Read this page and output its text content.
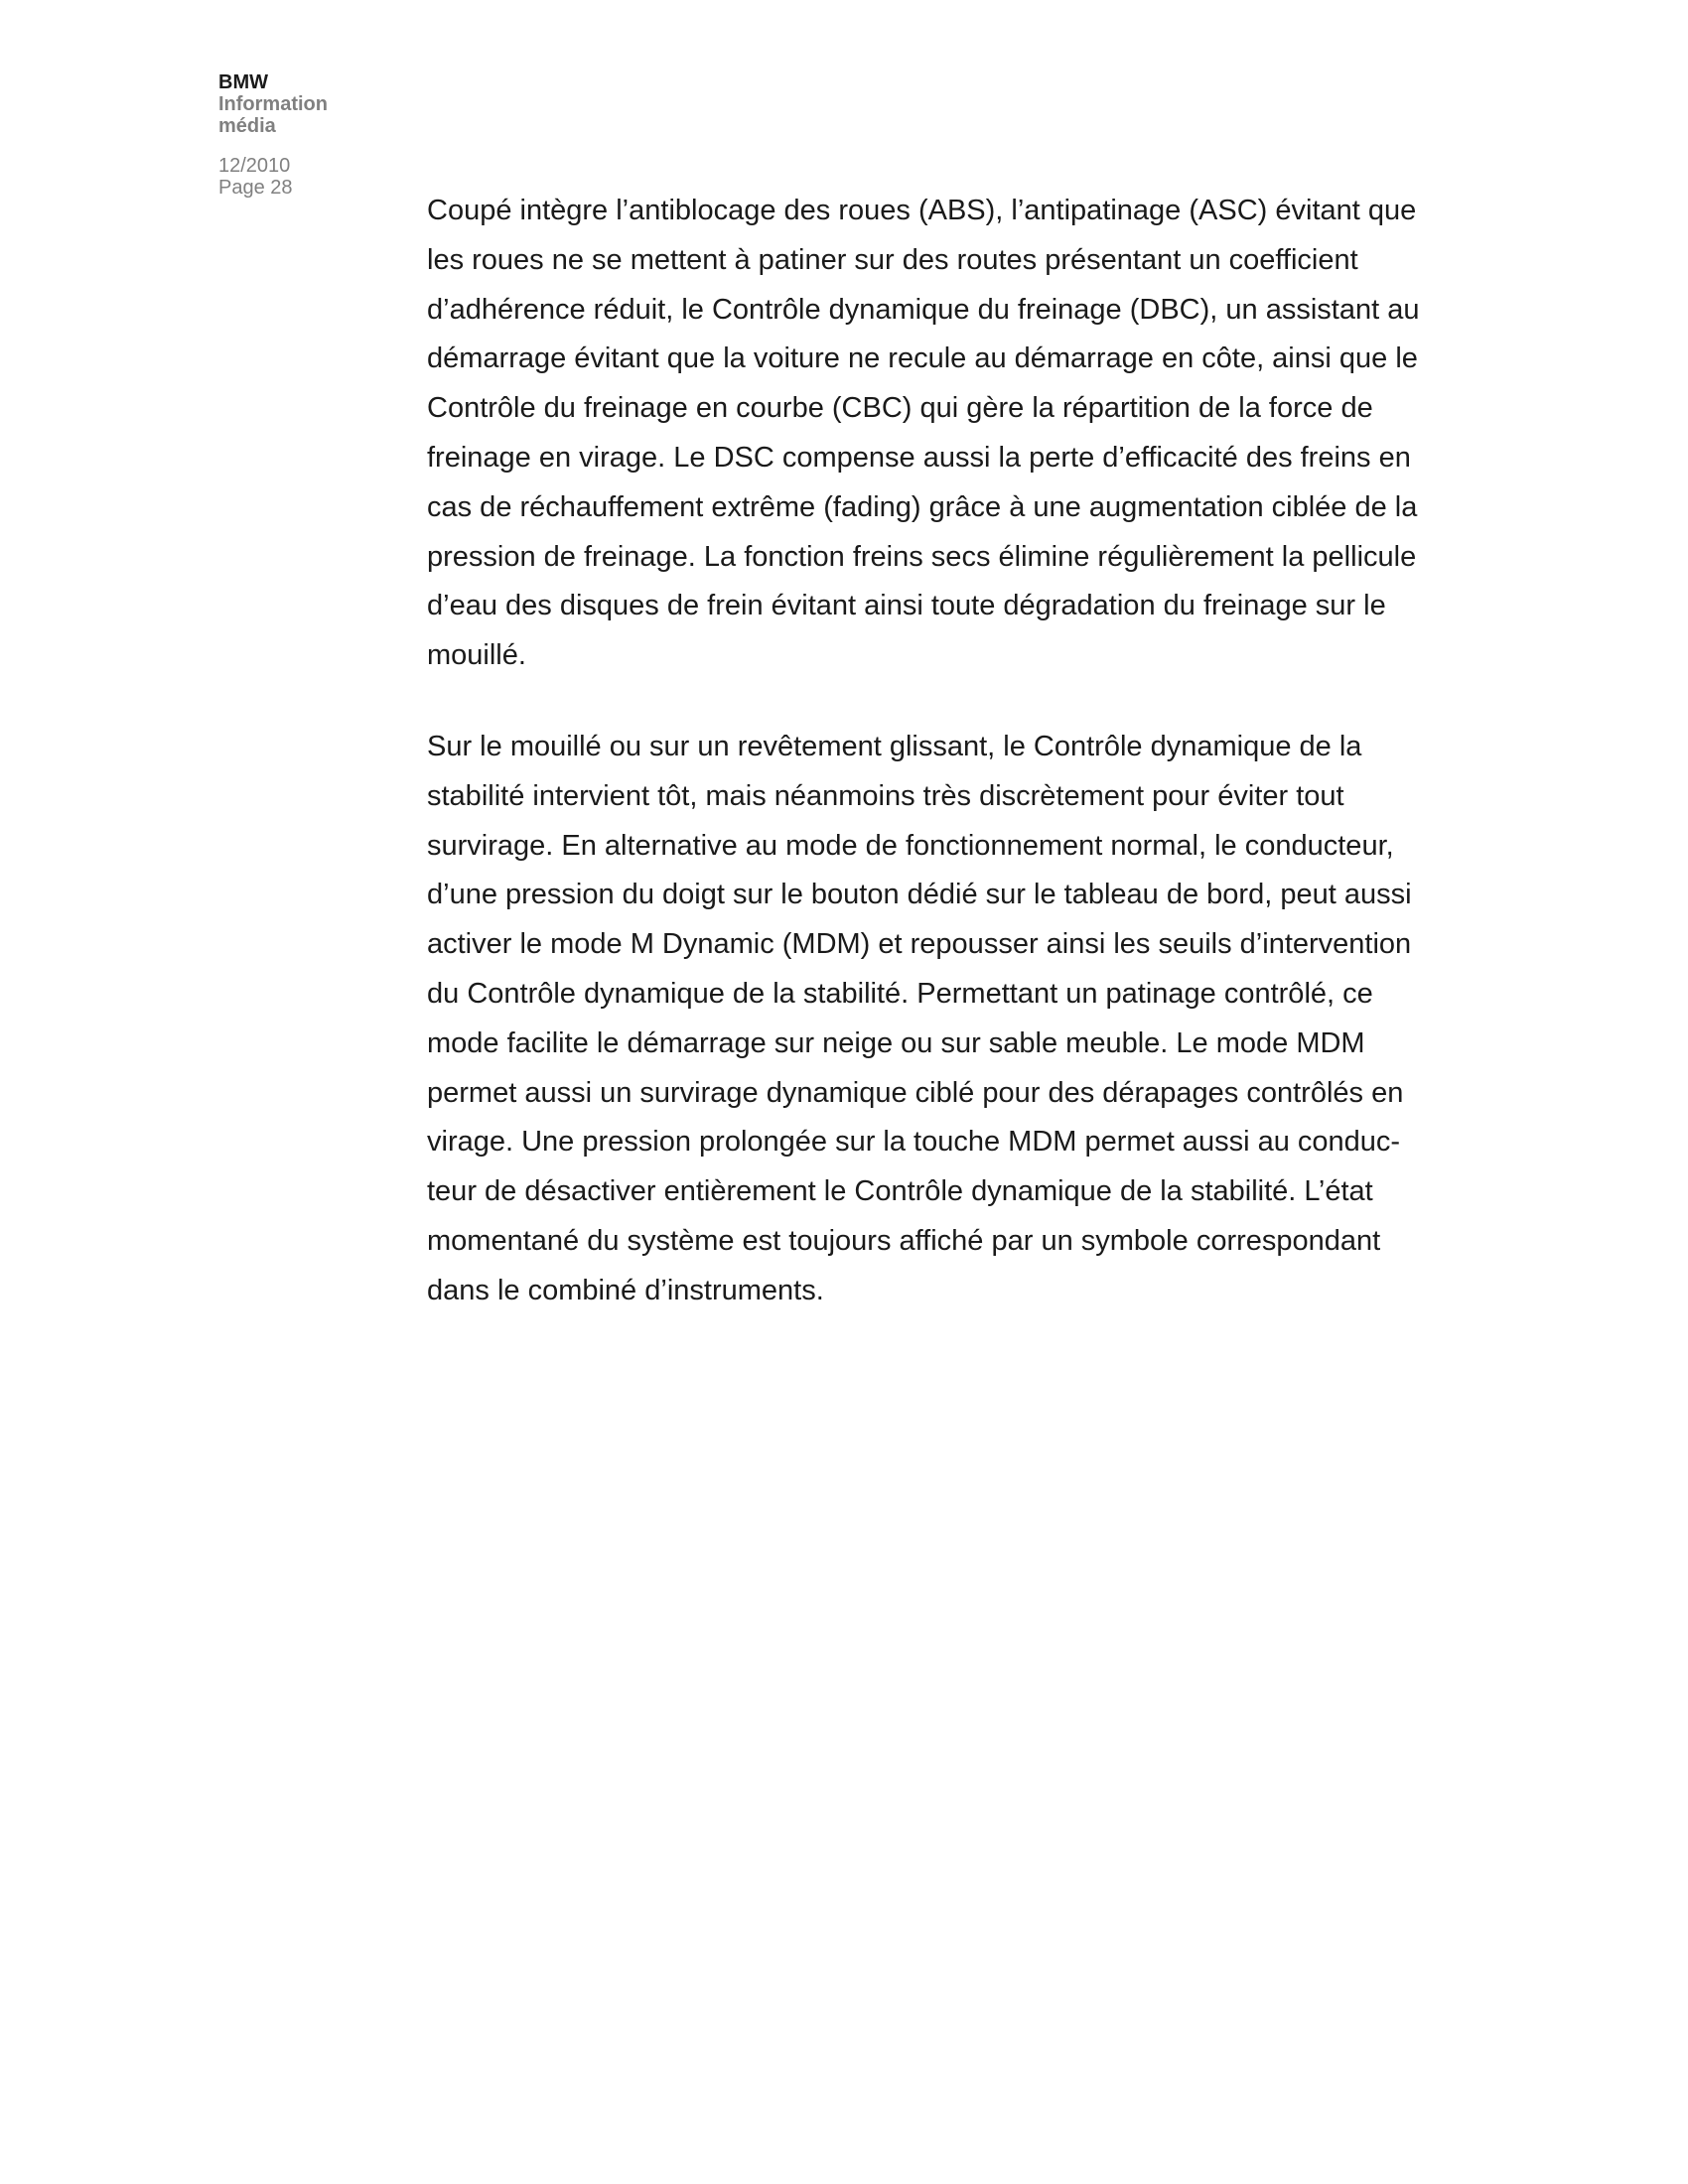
BMW
Information
média
12/2010
Page 28

Coupé intègre l’antiblocage des roues (ABS), l’antipatinage (ASC) évitant que
les roues ne se mettent à patiner sur des routes présentant un coefficient
d’adhérence réduit, le Contrôle dynamique du freinage (DBC), un assistant au
démarrage évitant que la voiture ne recule au démarrage en côte, ainsi que le
Contrôle du freinage en courbe (CBC) qui gère la répartition de la force de
freinage en virage. Le DSC compense aussi la perte d’efficacité des freins en
cas de réchauffement extrême (fading) grâce à une augmentation ciblée de la
pression de freinage. La fonction freins secs élimine régulièrement la pellicule
d’eau des disques de frein évitant ainsi toute dégradation du freinage sur le
mouillé.

Sur le mouillé ou sur un revêtement glissant, le Contrôle dynamique de la
stabilité intervient tôt, mais néanmoins très discrètement pour éviter tout
survirage. En alternative au mode de fonctionnement normal, le conducteur,
d’une pression du doigt sur le bouton dédié sur le tableau de bord, peut aussi
activer le mode M Dynamic (MDM) et repousser ainsi les seuils d’intervention
du Contrôle dynamique de la stabilité. Permettant un patinage contrôlé, ce
mode facilite le démarrage sur neige ou sur sable meuble. Le mode MDM
permet aussi un survirage dynamique ciblé pour des dérapages contrôlés en
virage. Une pression prolongée sur la touche MDM permet aussi au conduc-
teur de désactiver entièrement le Contrôle dynamique de la stabilité. L’état
momentané du système est toujours affiché par un symbole correspondant
dans le combiné d’instruments.
